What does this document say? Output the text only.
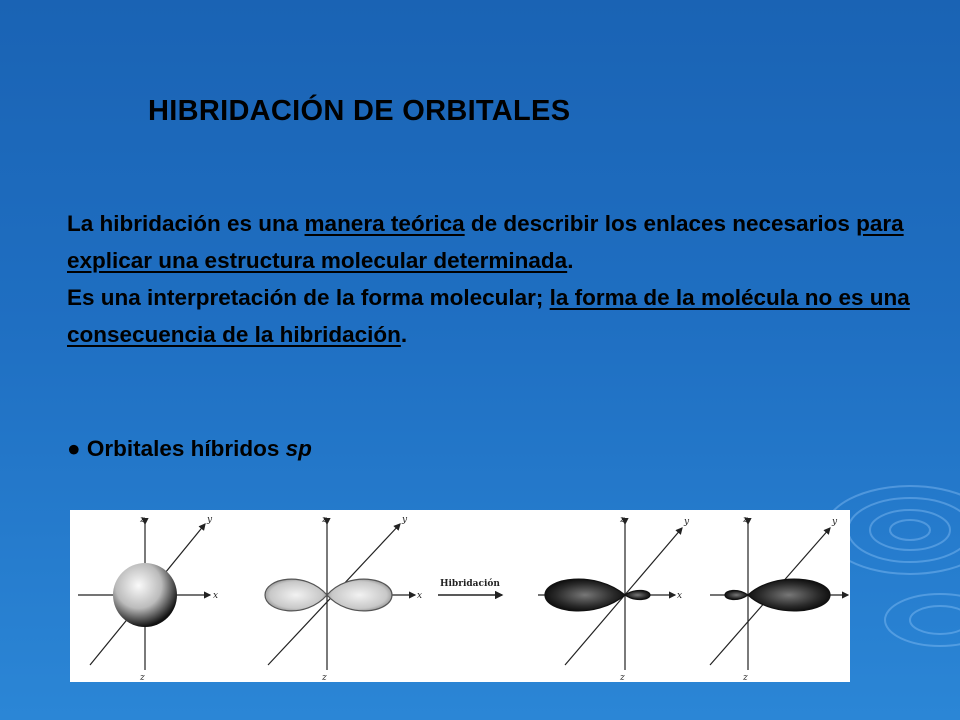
HIBRIDACIÓN DE ORBITALES

La hibridación es una manera teórica de describir los enlaces necesarios para explicar una estructura molecular determinada.
Es una interpretación de la forma molecular; la forma de la molécula no es una consecuencia de la hibridación.

● Orbitales híbridos sp

z	y
x
z
z	y
x
z
Hibridación
z	y
x
z
z	y
z
